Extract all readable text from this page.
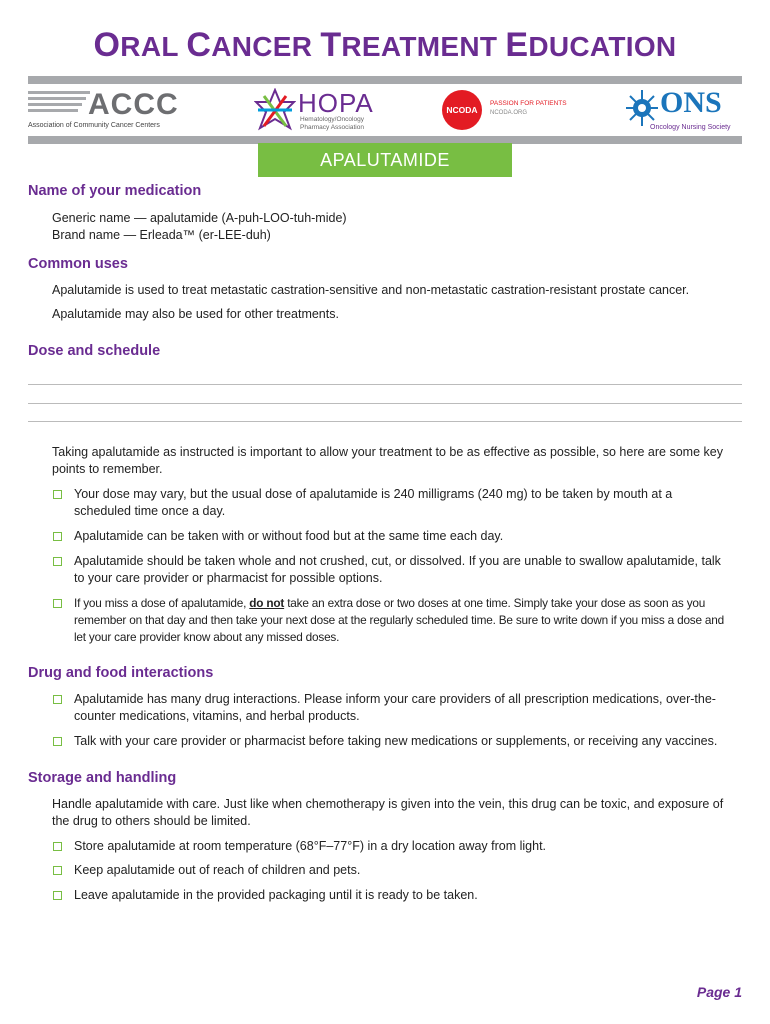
ORAL CANCER TREATMENT EDUCATION
ACCC
Association of Community Cancer Centers
HOPA
Hematology/Oncology
Pharmacy Association
NCODA
PASSION FOR PATIENTS
NCODA.ORG	ONS
Oncology Nursing Society
APALUTAMIDE
Name of your medication
Generic name — apalutamide (A-puh-LOO-tuh-mide)
Brand name — Erleada™ (er-LEE-duh)
Common uses
Apalutamide is used to treat metastatic castration-sensitive and non-metastatic castration-resistant prostate cancer.
Apalutamide may also be used for other treatments.
Dose and schedule
Taking apalutamide as instructed is important to allow your treatment to be as effective as possible, so here are some key points to remember.
Your dose may vary, but the usual dose of apalutamide is 240 milligrams (240 mg) to be taken by mouth at a scheduled time once a day.
Apalutamide can be taken with or without food but at the same time each day.
Apalutamide should be taken whole and not crushed, cut, or dissolved. If you are unable to swallow apalutamide, talk to your care provider or pharmacist for possible options.
If you miss a dose of apalutamide, do not take an extra dose or two doses at one time. Simply take your dose as soon as you remember on that day and then take your next dose at the regularly scheduled time. Be sure to write down if you miss a dose and let your care provider know about any missed doses.
Drug and food interactions
Apalutamide has many drug interactions. Please inform your care providers of all prescription medications, over-the-counter medications, vitamins, and herbal products.
Talk with your care provider or pharmacist before taking new medications or supplements, or receiving any vaccines.
Storage and handling
Handle apalutamide with care. Just like when chemotherapy is given into the vein, this drug can be toxic, and exposure of the drug to others should be limited.
Store apalutamide at room temperature (68°F–77°F) in a dry location away from light.
Keep apalutamide out of reach of children and pets.
Leave apalutamide in the provided packaging until it is ready to be taken.
Page 1
